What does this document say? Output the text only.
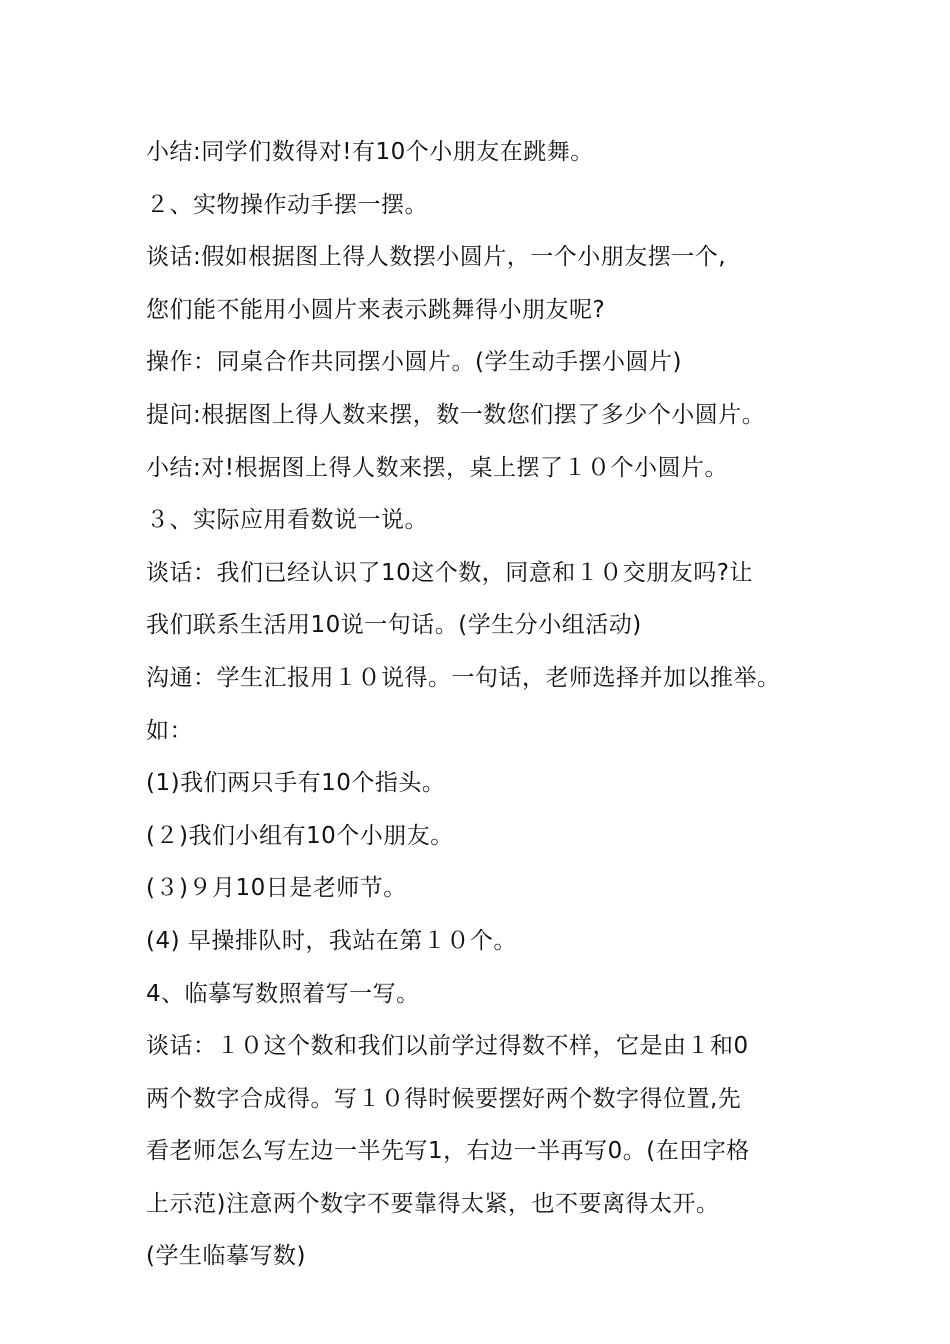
小结:同学们数得对!有10个小朋友在跳舞。
２、实物操作动手摆一摆。
谈话:假如根据图上得人数摆小圆片，一个小朋友摆一个,
您们能不能用小圆片来表示跳舞得小朋友呢?
操作：同桌合作共同摆小圆片。(学生动手摆小圆片)
提问:根据图上得人数来摆，数一数您们摆了多少个小圆片。
小结:对!根据图上得人数来摆，桌上摆了１０个小圆片。
３、实际应用看数说一说。
谈话：我们已经认识了10这个数，同意和１０交朋友吗?让
我们联系生活用10说一句话。(学生分小组活动)
沟通：学生汇报用１０说得。一句话，老师选择并加以推举。
如：
(1)我们两只手有10个指头。
(２)我们小组有10个小朋友。
(３)９月10日是老师节。
(4) 早操排队时，我站在第１０个。
4、临摹写数照着写一写。
谈话：１０这个数和我们以前学过得数不样，它是由１和0
两个数字合成得。写１０得时候要摆好两个数字得位置,先
看老师怎么写左边一半先写1，右边一半再写0。(在田字格
上示范)注意两个数字不要靠得太紧，也不要离得太开。
(学生临摹写数)
